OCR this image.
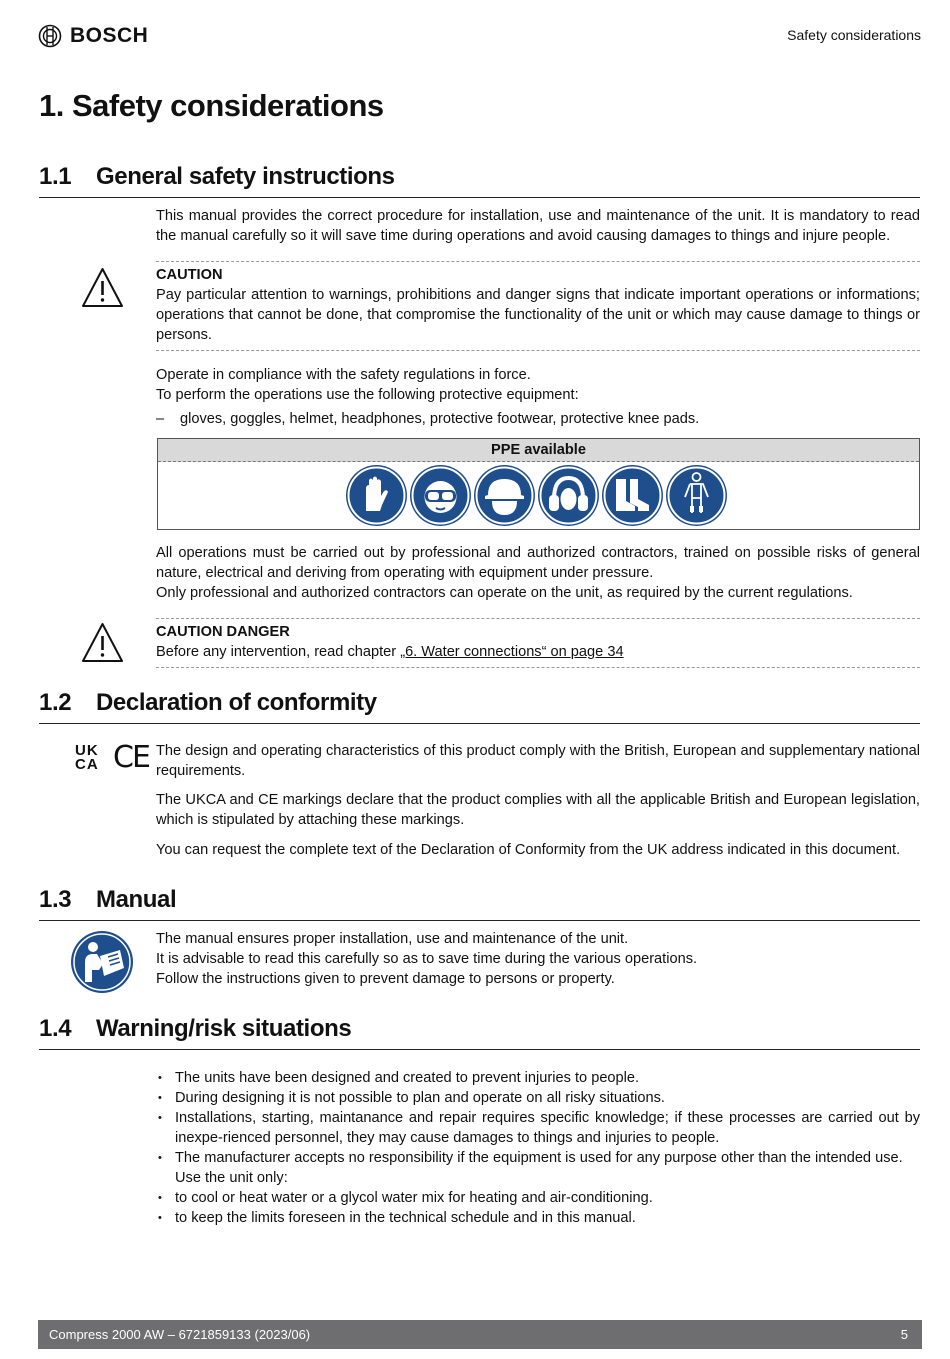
BOSCH	Safety considerations
1. Safety considerations
1.1 General safety instructions
This manual provides the correct procedure for installation, use and maintenance of the unit. It is mandatory to read the manual carefully so it will save time during operations and avoid causing damages to things and injure people.
CAUTION
Pay particular attention to warnings, prohibitions and danger signs that indicate important operations or informations; operations that cannot be done, that compromise the functionality of the unit or which may cause damage to things or persons.
Operate in compliance with the safety regulations in force.
To perform the operations use the following protective equipment:
– gloves, goggles, helmet, headphones, protective footwear, protective knee pads.
PPE available
All operations must be carried out by professional and authorized contractors, trained on possible risks of general nature, electrical and deriving from operating with equipment under pressure.
Only professional and authorized contractors can operate on the unit, as required by the current regulations.
CAUTION DANGER
Before any intervention, read chapter „6. Water connections“ on page 34
1.2 Declaration of conformity
UK
CA CE The design and operating characteristics of this product comply with the British, European and supplementary national requirements.
The UKCA and CE markings declare that the product complies with all the applicable British and European legislation, which is stipulated by attaching these markings.
You can request the complete text of the Declaration of Conformity from the UK address indicated in this document.
1.3 Manual
The manual ensures proper installation, use and maintenance of the unit.
It is advisable to read this carefully so as to save time during the various operations.
Follow the instructions given to prevent damage to persons or property.
1.4 Warning/risk situations
• The units have been designed and created to prevent injuries to people.
• During designing it is not possible to plan and operate on all risky situations.
• Installations, starting, maintanance and repair requires specific knowledge; if these processes are carried out by inexpe-rienced personnel, they may cause damages to things and injuries to people.
• The manufacturer accepts no responsibility if the equipment is used for any purpose other than the intended use.
Use the unit only:
• to cool or heat water or a glycol water mix for heating and air-conditioning.
• to keep the limits foreseen in the technical schedule and in this manual.
Compress 2000 AW – 6721859133 (2023/06)	5
